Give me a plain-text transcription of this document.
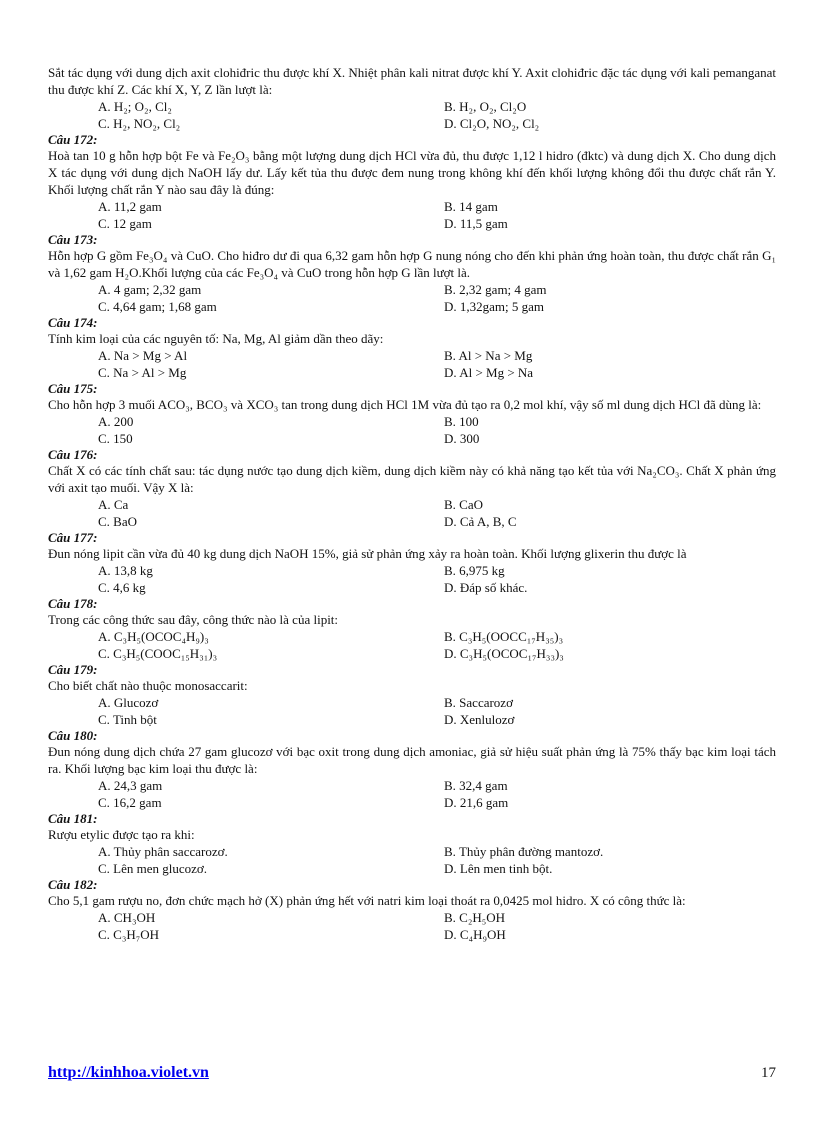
Sắt tác dụng với dung dịch axit clohiđric thu được khí X. Nhiệt phân kali nitrat được khí Y. Axit clohiđric đặc tác dụng với kali pemanganat thu được khí Z. Các khí X, Y, Z lần lượt là:
A. H₂; O₂, Cl₂	B. H₂, O₂, Cl₂O
C. H₂, NO₂, Cl₂	D. Cl₂O, NO₂, Cl₂
Câu 172:
Hoà tan 10 g hỗn hợp bột Fe và Fe₂O₃ bằng một lượng dung dịch HCl vừa đủ, thu được 1,12 l hidro (đktc) và dung dịch X. Cho dung dịch X tác dụng với dung dịch NaOH lấy dư. Lấy kết tủa thu được đem nung trong không khí đến khối lượng không đổi thu được chất rắn Y. Khối lượng chất rắn Y nào sau đây là đúng:
A. 11,2 gam	B. 14 gam
C. 12 gam	D. 11,5 gam
Câu 173:
Hỗn hợp G gồm Fe₃O₄ và CuO. Cho hiđro dư đi qua 6,32 gam hỗn hợp G nung nóng cho đến khi phản ứng hoàn toàn, thu được chất rắn G₁ và 1,62 gam H₂O.Khối lượng của các Fe₃O₄ và CuO trong hỗn hợp G lần lượt là.
A. 4 gam; 2,32 gam	B. 2,32 gam; 4 gam
C. 4,64 gam; 1,68 gam	D. 1,32gam; 5 gam
Câu 174:
Tính kim loại của các nguyên tố: Na, Mg, Al giảm dần theo dãy:
A. Na > Mg > Al	B. Al > Na > Mg
C. Na > Al > Mg	D. Al > Mg > Na
Câu 175:
Cho hỗn hợp 3 muối ACO₃, BCO₃ và XCO₃ tan trong dung dịch HCl 1M vừa đủ tạo ra 0,2 mol khí, vậy số ml dung dịch HCl đã dùng là:
A. 200	B. 100
C. 150	D. 300
Câu 176:
Chất X có các tính chất sau: tác dụng nước tạo dung dịch kiềm, dung dịch kiềm này có khả năng tạo kết tủa với Na₂CO₃. Chất X phản ứng với axit tạo muối. Vậy X là:
A. Ca	B. CaO
C. BaO	D. Cả A, B, C
Câu 177:
Đun nóng lipit cần vừa đủ 40 kg dung dịch NaOH 15%, giả sử phản ứng xảy ra hoàn toàn. Khối lượng glixerin thu được là
A. 13,8 kg	B. 6,975 kg
C. 4,6 kg	D. Đáp số khác.
Câu 178:
Trong các công thức sau đây, công thức nào là của lipit:
A. C₃H₅(OCOC₄H₉)₃	B. C₃H₅(OOCC₁₇H₃₅)₃
C. C₃H₅(COOC₁₅H₃₁)₃	D. C₃H₅(OCOC₁₇H₃₃)₃
Câu 179:
Cho biết chất nào thuộc monosaccarit:
A. Glucozơ	B. Saccarozơ
C. Tinh bột	D. Xenlulozơ
Câu 180:
Đun nóng dung dịch chứa 27 gam glucozơ với bạc oxit trong dung dịch amoniac, giả sử hiệu suất phản ứng là 75% thấy bạc kim loại tách ra. Khối lượng bạc kim loại thu được là:
A. 24,3 gam	B. 32,4 gam
C. 16,2 gam	D. 21,6 gam
Câu 181:
Rượu etylic được tạo ra khi:
A. Thủy phân saccarozơ.	B. Thủy phân đường mantozơ.
C. Lên men glucozơ.	D. Lên men tinh bột.
Câu 182:
Cho 5,1 gam rượu no, đơn chức mạch hở (X) phản ứng hết với natri kim loại thoát ra 0,0425 mol hidro. X có công thức là:
A. CH₃OH	B. C₂H₅OH
C. C₃H₇OH	D. C₄H₉OH
http://kinhhoa.violet.vn	17
